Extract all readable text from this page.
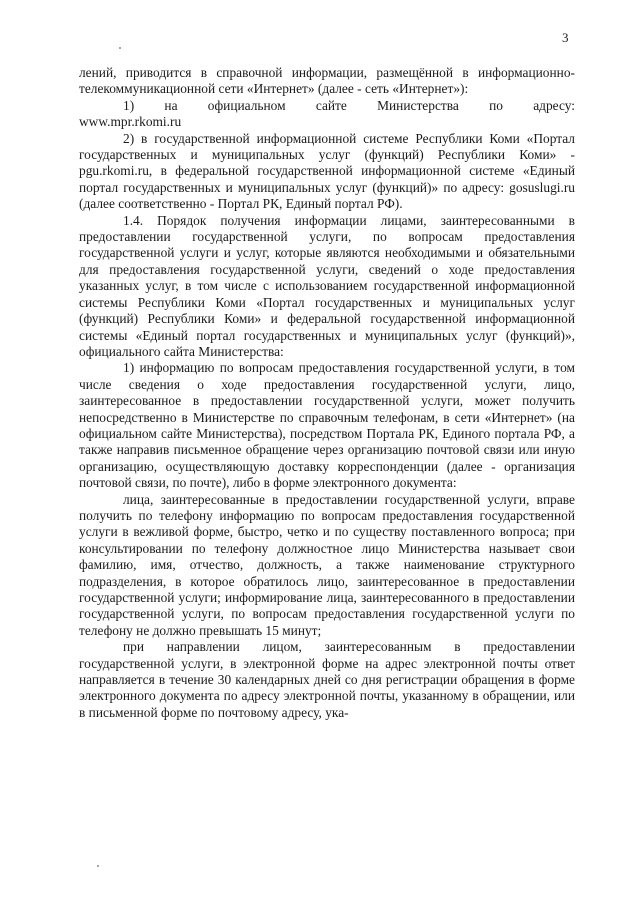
3

лений, приводится в справочной информации, размещённой в информационно-телекоммуникационной сети «Интернет» (далее - сеть «Интернет»):

1) на официальном сайте Министерства по адресу:

www.mpr.rkomi.ru

2) в государственной информационной системе Республики Коми «Портал государственных и муниципальных услуг (функций) Республики Коми» - pgu.rkomi.ru, в федеральной государственной информационной системе «Единый портал государственных и муниципальных услуг (функций)» по адресу: gosuslugi.ru (далее соответственно - Портал РК, Единый портал РФ).

1.4. Порядок получения информации лицами, заинтересованными в предоставлении государственной услуги, по вопросам предоставления государственной услуги и услуг, которые являются необходимыми и обязательными для предоставления государственной услуги, сведений о ходе предоставления указанных услуг, в том числе с использованием государственной информационной системы Республики Коми «Портал государственных и муниципальных услуг (функций) Республики Коми» и федеральной государственной информационной системы «Единый портал государственных и муниципальных услуг (функций)», официального сайта Министерства:

1) информацию по вопросам предоставления государственной услуги, в том числе сведения о ходе предоставления государственной услуги, лицо, заинтересованное в предоставлении государственной услуги, может получить непосредственно в Министерстве по справочным телефонам, в сети «Интернет» (на официальном сайте Министерства), посредством Портала РК, Единого портала РФ, а также направив письменное обращение через организацию почтовой связи или иную организацию, осуществляющую доставку корреспонденции (далее - организация почтовой связи, по почте), либо в форме электронного документа:

лица, заинтересованные в предоставлении государственной услуги, вправе получить по телефону информацию по вопросам предоставления государственной услуги в вежливой форме, быстро, четко и по существу поставленного вопроса; при консультировании по телефону должностное лицо Министерства называет свои фамилию, имя, отчество, должность, а также наименование структурного подразделения, в которое обратилось лицо, заинтересованное в предоставлении государственной услуги; информирование лица, заинтересованного в предоставлении государственной услуги, по вопросам предоставления государственной услуги по телефону не должно превышать 15 минут;

при направлении лицом, заинтересованным в предоставлении государственной услуги, в электронной форме на адрес электронной почты ответ направляется в течение 30 календарных дней со дня регистрации обращения в форме электронного документа по адресу электронной почты, указанному в обращении, или в письменной форме по почтовому адресу, ука-
